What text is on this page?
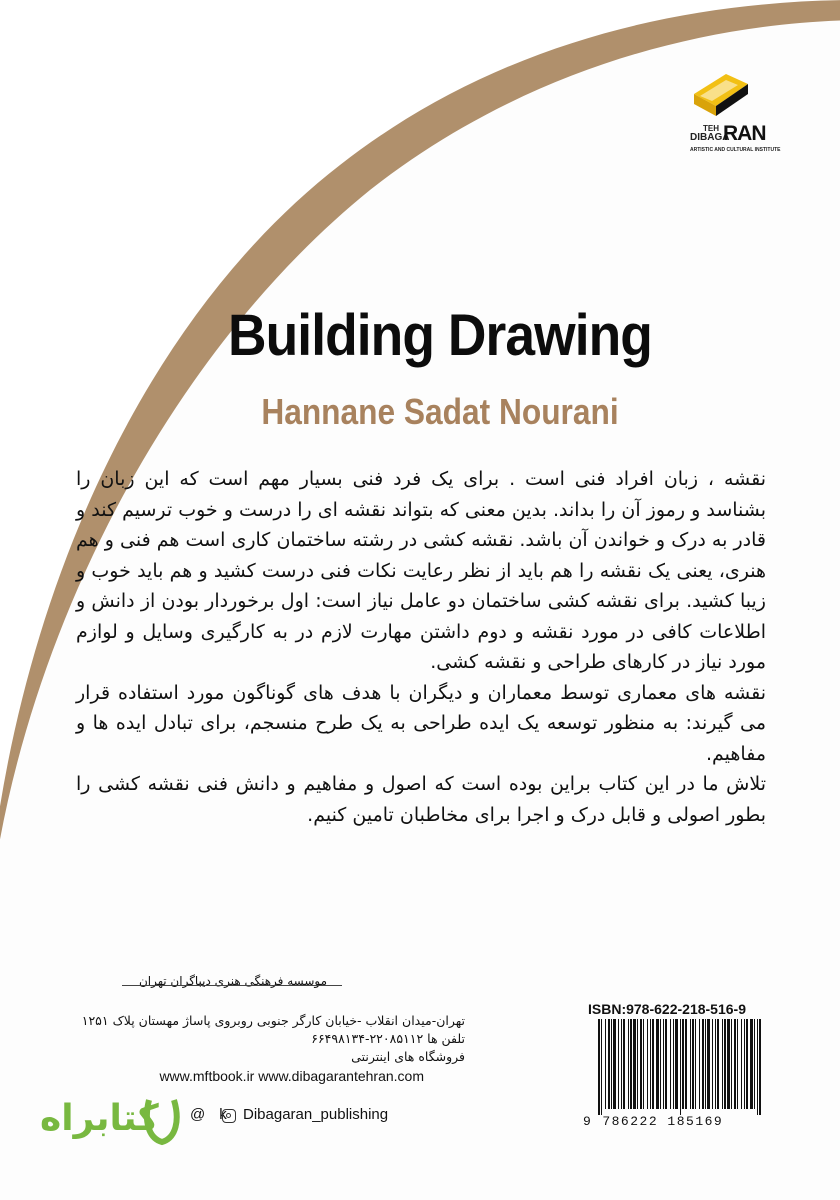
TEH
DIBAGA
RAN
ARTISTIC AND CULTURAL INSTITUTE
Building Drawing
Hannane Sadat Nourani

نقشه ، زبان افراد فنی است . برای یک فرد فنی بسیار مهم است که این زبان را بشناسد و رموز آن را بداند. بدین معنی که بتواند نقشه ای را درست و خوب ترسیم کند و قادر به درک و خواندن آن باشد. نقشه کشی در رشته ساختمان کاری است هم فنی و هم هنری، یعنی یک نقشه را هم باید از نظر رعایت نکات فنی درست کشید و هم باید خوب و زیبا کشید. برای نقشه کشی ساختمان دو عامل نیاز است: اول برخوردار بودن از دانش و اطلاعات کافی در مورد نقشه و دوم داشتن مهارت لازم در به کارگیری وسایل و لوازم مورد نیاز در کارهای طراحی و نقشه کشی.

نقشه های معماری توسط معماران و دیگران با هدف های گوناگون مورد استفاده قرار می گیرند: به منظور توسعه یک ایده طراحی به یک طرح منسجم، برای تبادل ایده ها و مفاهیم.

تلاش ما در این کتاب براین بوده است که اصول و مفاهیم و دانش فنی نقشه کشی را بطور اصولی و قابل درک و اجرا برای مخاطبان تامین کنیم.

موسسه فرهنگی هنری دیباگران تهران
تهران-میدان انقلاب -خیابان کارگر جنوبی روبروی پاساژ مهستان پلاک ۱۲۵۱
تلفن ها ۲۲۰۸۵۱۱۲-۶۶۴۹۸۱۳۴
فروشگاه های اینترنتی
www.mftbook.ir www.dibagarantehran.com
@ k Dibagaran_publishing
کتابراه
ISBN:978-622-218-516-9
9 786222 185169
